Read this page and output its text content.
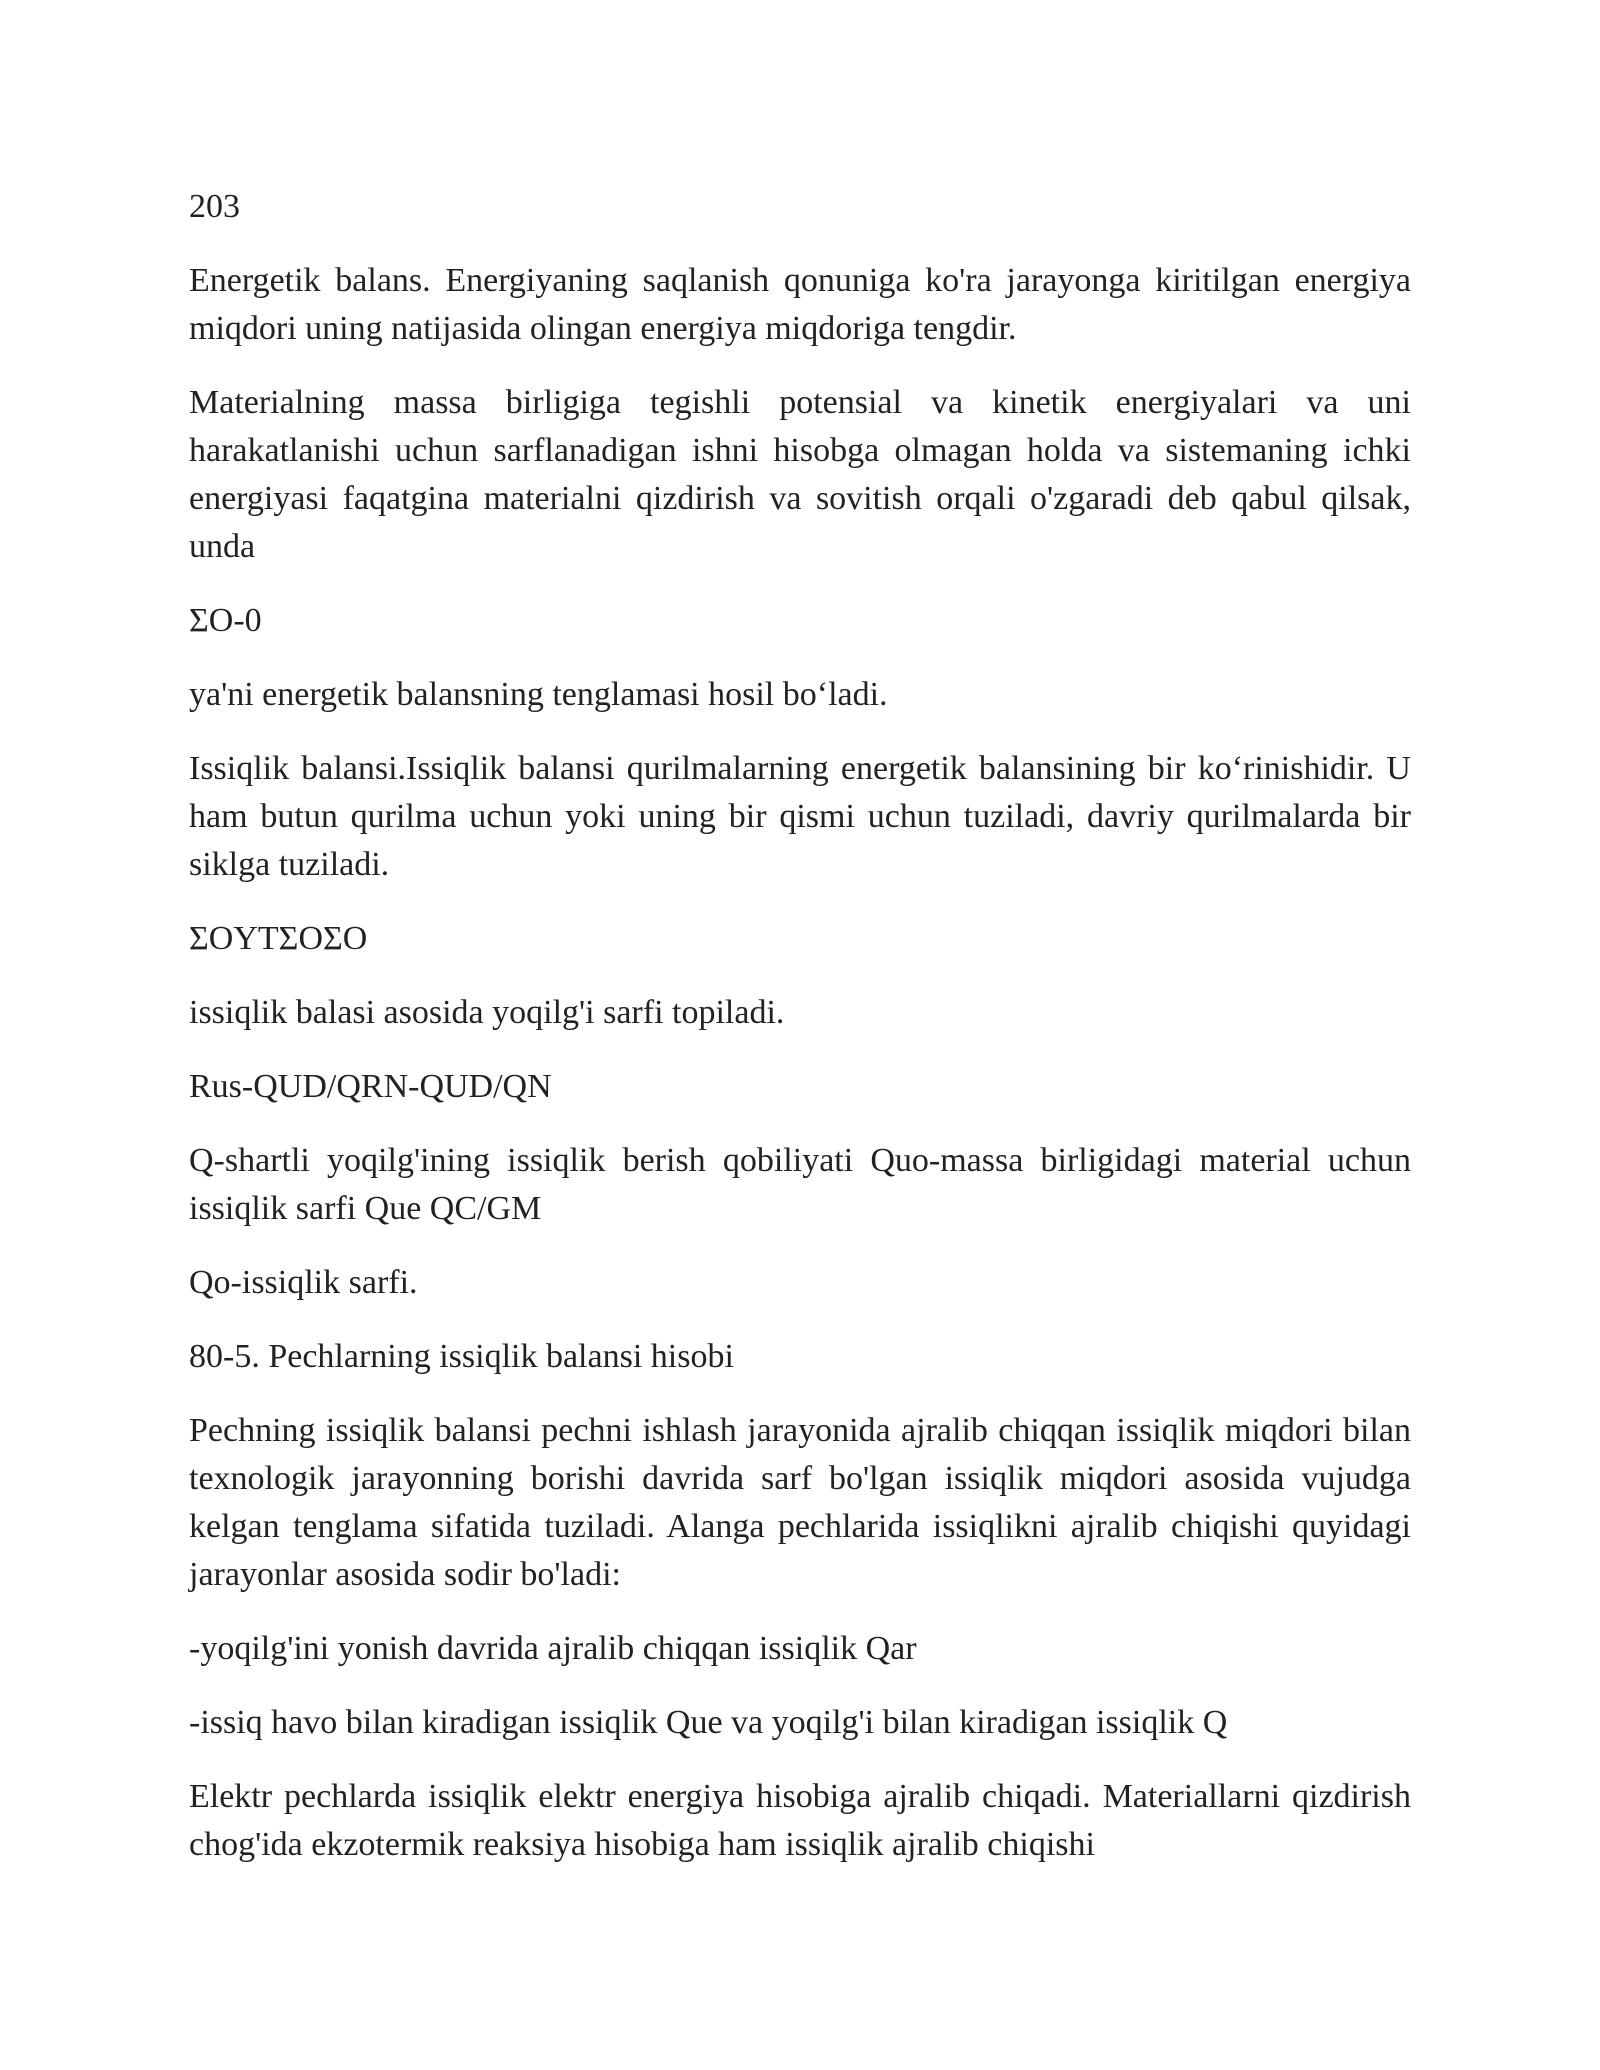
203

Energetik balans. Energiyaning saqlanish qonuniga ko'ra jarayonga kiritilgan energiya miqdori uning natijasida olingan energiya miqdoriga tengdir.

Materialning massa birligiga tegishli potensial va kinetik energiyalari va uni harakatlanishi uchun sarflanadigan ishni hisobga olmagan holda va sistemaning ichki energiyasi faqatgina materialni qizdirish va sovitish orqali o'zgaradi deb qabul qilsak, unda

ΣO-0

ya'ni energetik balansning tenglamasi hosil bo‘ladi.

Issiqlik balansi.Issiqlik balansi qurilmalarning energetik balansining bir ko‘rinishidir. U ham butun qurilma uchun yoki uning bir qismi uchun tuziladi, davriy qurilmalarda bir siklga tuziladi.

ΣOYTΣOΣO

issiqlik balasi asosida yoqilg'i sarfi topiladi.

Rus-QUD/QRN-QUD/QN

Q-shartli yoqilg'ining issiqlik berish qobiliyati Quo-massa birligidagi material uchun issiqlik sarfi Que QC/GM

Qo-issiqlik sarfi.

80-5. Pechlarning issiqlik balansi hisobi

Pechning issiqlik balansi pechni ishlash jarayonida ajralib chiqqan issiqlik miqdori bilan texnologik jarayonning borishi davrida sarf bo'lgan issiqlik miqdori asosida vujudga kelgan tenglama sifatida tuziladi. Alanga pechlarida issiqlikni ajralib chiqishi quyidagi jarayonlar asosida sodir bo'ladi:

-yoqilg'ini yonish davrida ajralib chiqqan issiqlik Qar

-issiq havo bilan kiradigan issiqlik Que va yoqilg'i bilan kiradigan issiqlik Q

Elektr pechlarda issiqlik elektr energiya hisobiga ajralib chiqadi. Materiallarni qizdirish chog'ida ekzotermik reaksiya hisobiga ham issiqlik ajralib chiqishi
